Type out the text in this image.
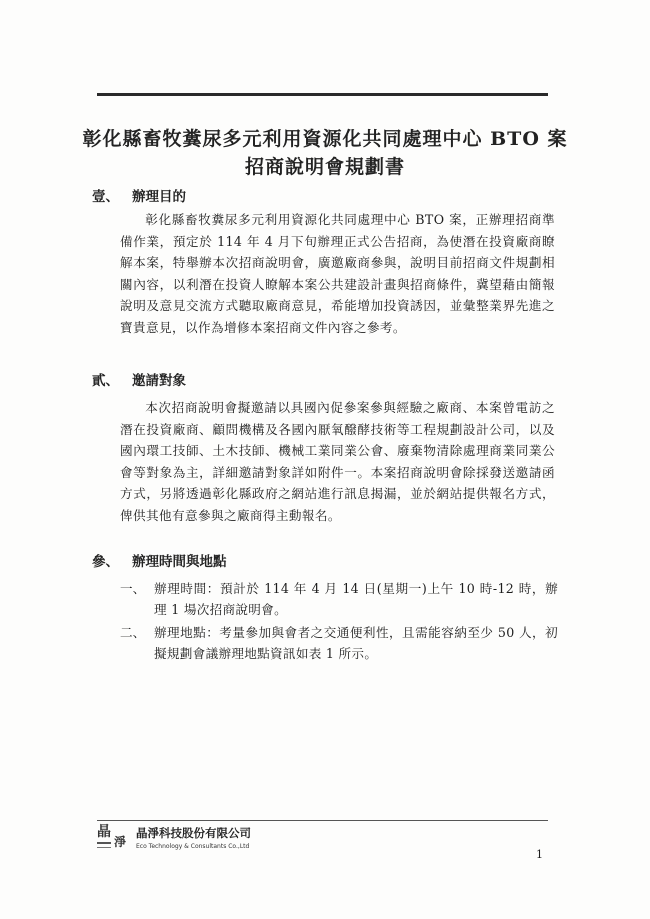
彰化縣畜牧糞尿多元利用資源化共同處理中心 BTO 案
招商說明會規劃書
壹、 辦理目的
彰化縣畜牧糞尿多元利用資源化共同處理中心 BTO 案，正辦理招商準備作業，預定於 114 年 4 月下旬辦理正式公告招商，為使潛在投資廠商瞭解本案，特舉辦本次招商說明會，廣邀廠商參與，說明目前招商文件規劃相關內容，以利潛在投資人瞭解本案公共建設計畫與招商條件，冀望藉由簡報說明及意見交流方式聽取廠商意見，希能增加投資誘因，並彙整業界先進之寶貴意見，以作為增修本案招商文件內容之參考。
貳、 邀請對象
本次招商說明會擬邀請以具國內促參案參與經驗之廠商、本案曾電訪之潛在投資廠商、顧問機構及各國內厭氧醱酵技術等工程規劃設計公司，以及國內環工技師、土木技師、機械工業同業公會、廢棄物清除處理商業同業公會等對象為主，詳細邀請對象詳如附件一。本案招商說明會除採發送邀請函方式，另將透過彰化縣政府之網站進行訊息揭漏，並於網站提供報名方式，俾供其他有意參與之廠商得主動報名。
參、 辦理時間與地點
一、 辦理時間：預計於 114 年 4 月 14 日(星期一)上午 10 時-12 時，辦理 1 場次招商說明會。
二、 辦理地點：考量參加與會者之交通便利性，且需能容納至少 50 人，初擬規劃會議辦理地點資訊如表 1 所示。
晶
淨
晶淨科技股份有限公司
Eco Technology & Consultants Co.,Ltd
1
